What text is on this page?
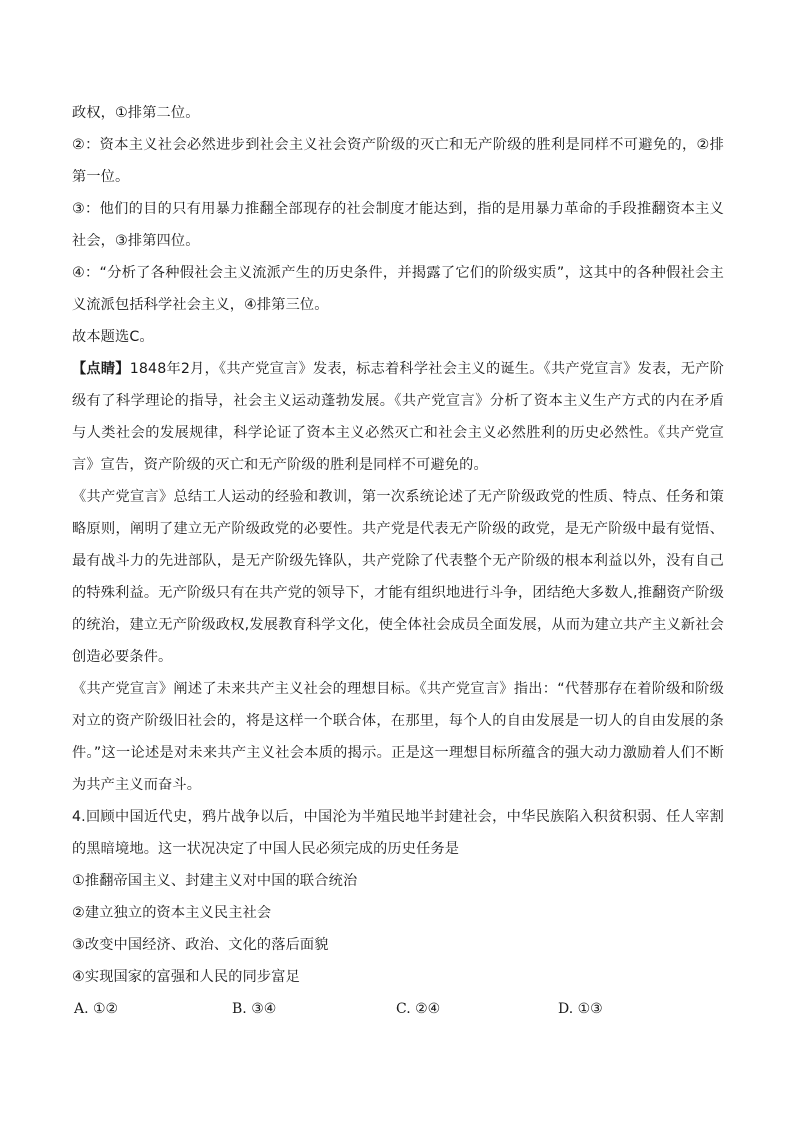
政权，①排第二位。

②：资本主义社会必然进步到社会主义社会资产阶级的灭亡和无产阶级的胜利是同样不可避免的，②排第一位。

③：他们的目的只有用暴力推翻全部现存的社会制度才能达到，指的是用暴力革命的手段推翻资本主义社会，③排第四位。

④：“分析了各种假社会主义流派产生的历史条件，并揭露了它们的阶级实质”，这其中的各种假社会主义流派包括科学社会主义，④排第三位。

故本题选C。

【点睛】1848年2月，《共产党宣言》发表，标志着科学社会主义的诞生。《共产党宣言》发表，无产阶级有了科学理论的指导，社会主义运动蓬勃发展。《共产党宣言》分析了资本主义生产方式的内在矛盾与人类社会的发展规律，科学论证了资本主义必然灭亡和社会主义必然胜利的历史必然性。《共产党宣言》宣告，资产阶级的灭亡和无产阶级的胜利是同样不可避免的。

《共产党宣言》总结工人运动的经验和教训，第一次系统论述了无产阶级政党的性质、特点、任务和策略原则，阐明了建立无产阶级政党的必要性。共产党是代表无产阶级的政党，是无产阶级中最有觉悟、最有战斗力的先进部队，是无产阶级先锋队，共产党除了代表整个无产阶级的根本利益以外，没有自己的特殊利益。无产阶级只有在共产党的领导下，才能有组织地进行斗争，团结绝大多数人,推翻资产阶级的统治，建立无产阶级政权,发展教育科学文化，使全体社会成员全面发展，从而为建立共产主义新社会创造必要条件。

《共产党宣言》阐述了未来共产主义社会的理想目标。《共产党宣言》指出：“代替那存在着阶级和阶级对立的资产阶级旧社会的，将是这样一个联合体，在那里，每个人的自由发展是一切人的自由发展的条件。”这一论述是对未来共产主义社会本质的揭示。正是这一理想目标所蕴含的强大动力激励着人们不断为共产主义而奋斗。

4.回顾中国近代史，鸦片战争以后，中国沦为半殖民地半封建社会，中华民族陷入积贫积弱、任人宰割的黑暗境地。这一状况决定了中国人民必须完成的历史任务是

①推翻帝国主义、封建主义对中国的联合统治

②建立独立的资本主义民主社会

③改变中国经济、政治、文化的落后面貌

④实现国家的富强和人民的同步富足

A. ①②	B. ③④	C. ②④	D. ①③
